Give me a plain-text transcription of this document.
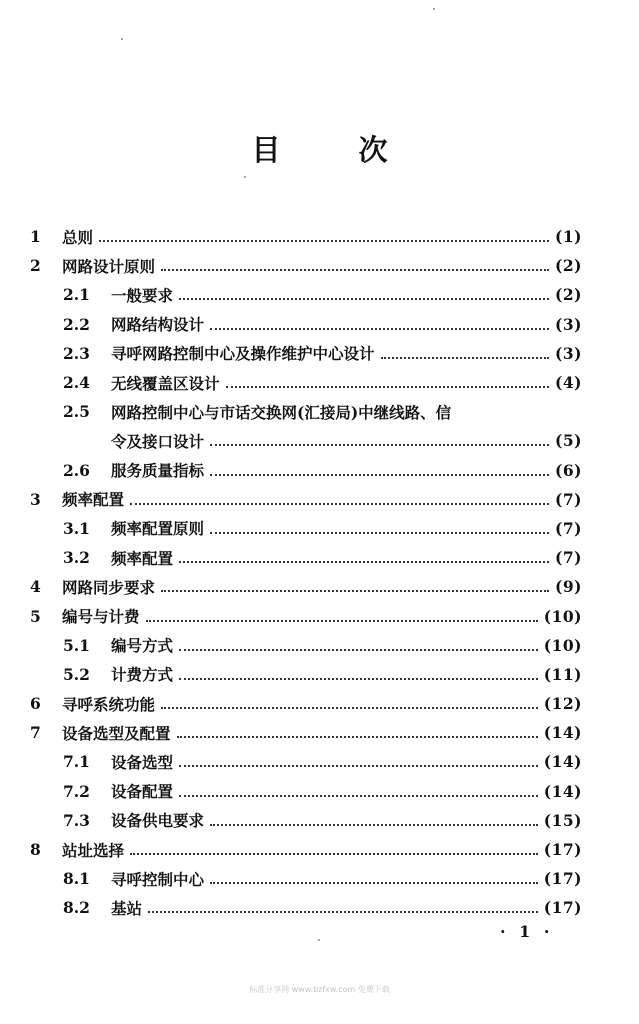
目	次
1	总则	(1)
2	网路设计原则	(2)
2.1	一般要求	(2)
2.2	网路结构设计	(3)
2.3	寻呼网路控制中心及操作维护中心设计	(3)
2.4	无线覆盖区设计	(4)
2.5	网路控制中心与市话交换网(汇接局)中继线路、信
令及接口设计	(5)
2.6	服务质量指标	(6)
3	频率配置	(7)
3.1	频率配置原则	(7)
3.2	频率配置	(7)
4	网路同步要求	(9)
5	编号与计费	(10)
5.1	编号方式	(10)
5.2	计费方式	(11)
6	寻呼系统功能	(12)
7	设备选型及配置	(14)
7.1	设备选型	(14)
7.2	设备配置	(14)
7.3	设备供电要求	(15)
8	站址选择	(17)
8.1	寻呼控制中心	(17)
8.2	基站	(17)
· 1 ·
标准分享网 www.bzfxw.com 免费下载
